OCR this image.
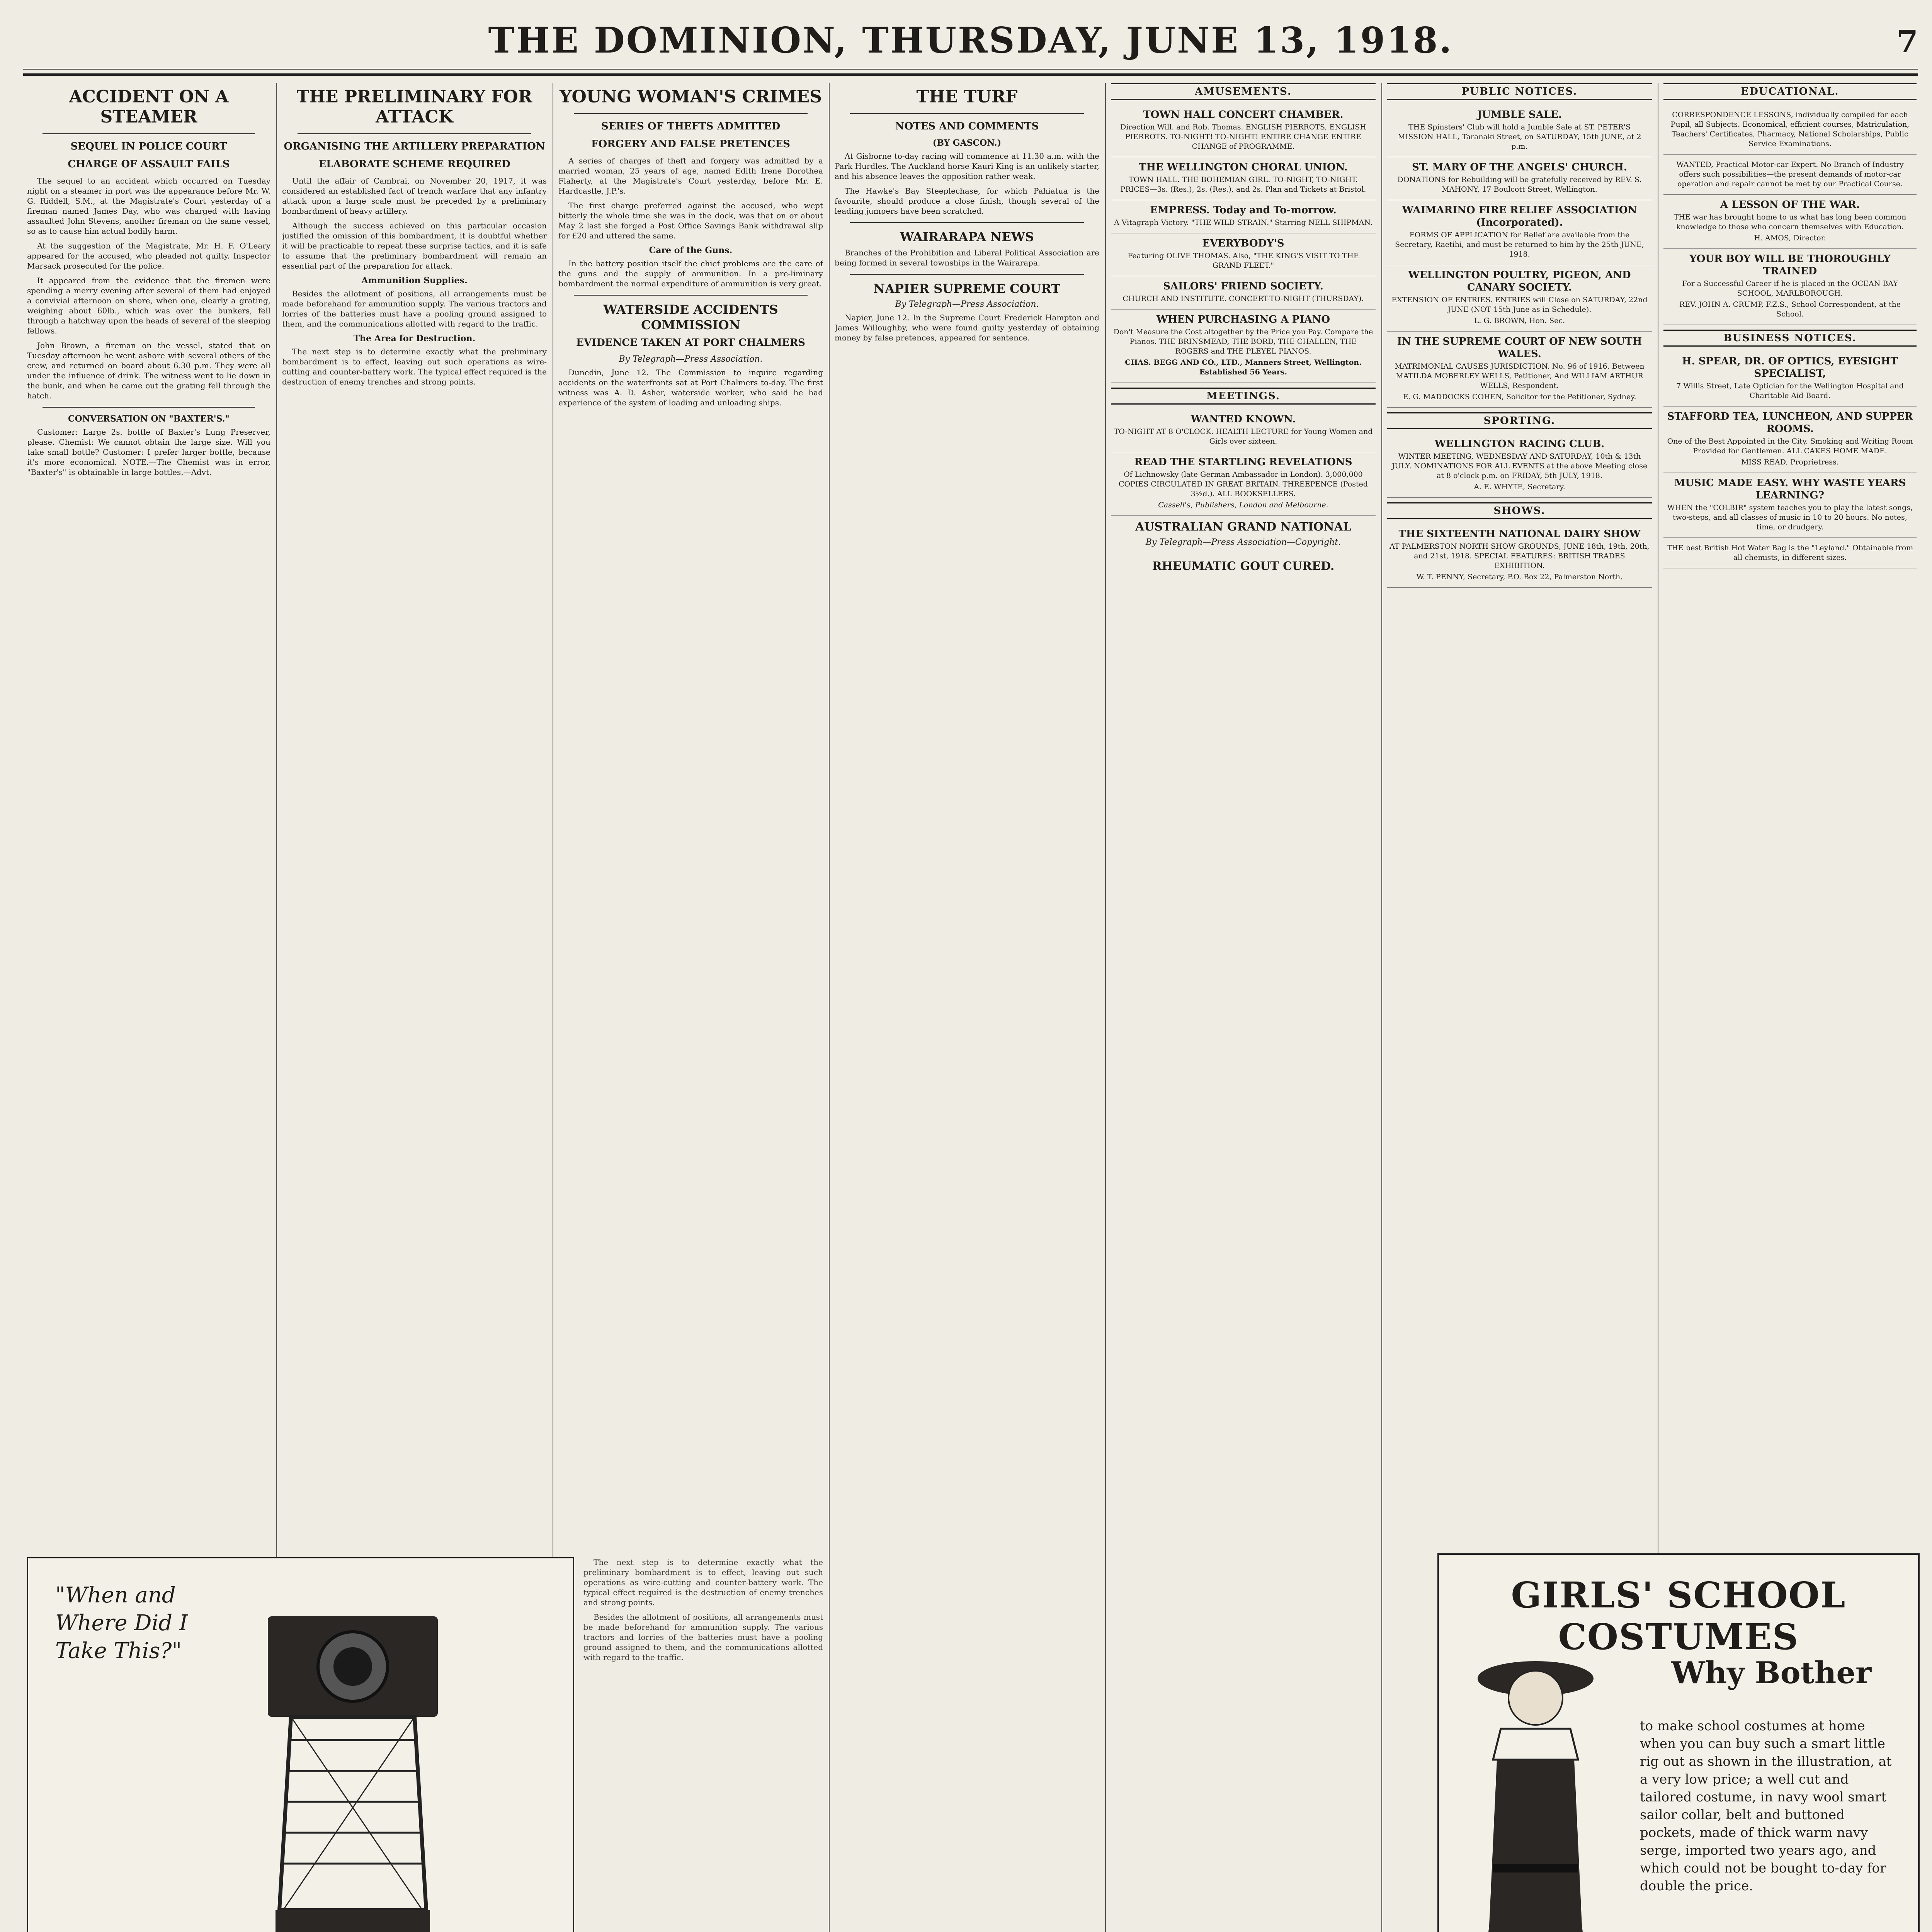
THE DOMINION, THURSDAY, JUNE 13, 1918.	7
ACCIDENT ON A STEAMER
SEQUEL IN POLICE COURT
CHARGE OF ASSAULT FAILS

The sequel to an accident which occurred on Tuesday night on a steamer in port was the appearance before Mr. W. G. Riddell, S.M., at the Magistrate's Court yesterday of a fireman named James Day, who was charged with having assaulted John Stevens, another fireman on the same vessel, so as to cause him actual bodily harm.

At the suggestion of the Magistrate, Mr. H. F. O'Leary appeared for the accused, who pleaded not guilty. Inspector Marsack prosecuted for the police.

It appeared from the evidence that the firemen were spending a merry evening after several of them had enjoyed a convivial afternoon on shore, when one, clearly a grating, weighing about 60lb., which was over the bunkers, fell through a hatchway upon the heads of several of the sleeping fellows.

John Brown, a fireman on the vessel, stated that on Tuesday afternoon he went ashore with several others of the crew, and returned on board about 6.30 p.m. They were all under the influence of drink. The witness went to lie down in the bunk, and when he came out the grating fell through the hatch.

CONVERSATION ON "BAXTER'S."

Customer: Large 2s. bottle of Baxter's Lung Preserver, please. Chemist: We cannot obtain the large size. Will you take small bottle? Customer: I prefer larger bottle, because it's more economical. NOTE.—The Chemist was in error, "Baxter's" is obtainable in large bottles.—Advt.

THE PRELIMINARY FOR ATTACK
ORGANISING THE ARTILLERY PREPARATION
ELABORATE SCHEME REQUIRED

Until the affair of Cambrai, on November 20, 1917, it was considered an established fact of trench warfare that any infantry attack upon a large scale must be preceded by a preliminary bombardment of heavy artillery.

Although the success achieved on this particular occasion justified the omission of this bombardment, it is doubtful whether it will be practicable to repeat these surprise tactics, and it is safe to assume that the preliminary bombardment will remain an essential part of the preparation for attack.

Ammunition Supplies.

Besides the allotment of positions, all arrangements must be made beforehand for ammunition supply. The various tractors and lorries of the batteries must have a pooling ground assigned to them, and the communications allotted with regard to the traffic.

The Area for Destruction.

The next step is to determine exactly what the preliminary bombardment is to effect, leaving out such operations as wire-cutting and counter-battery work. The typical effect required is the destruction of enemy trenches and strong points.

YOUNG WOMAN'S CRIMES
SERIES OF THEFTS ADMITTED
FORGERY AND FALSE PRETENCES

A series of charges of theft and forgery was admitted by a married woman, 25 years of age, named Edith Irene Dorothea Flaherty, at the Magistrate's Court yesterday, before Mr. E. Hardcastle, J.P.'s.

The first charge preferred against the accused, who wept bitterly the whole time she was in the dock, was that on or about May 2 last she forged a Post Office Savings Bank withdrawal slip for £20 and uttered the same.

Care of the Guns.

In the battery position itself the chief problems are the care of the guns and the supply of ammunition. In a pre-liminary bombardment the normal expenditure of ammunition is very great.

WATERSIDE ACCIDENTS COMMISSION
EVIDENCE TAKEN AT PORT CHALMERS
By Telegraph—Press Association.

Dunedin, June 12. The Commission to inquire regarding accidents on the waterfronts sat at Port Chalmers to-day. The first witness was A. D. Asher, waterside worker, who said he had experience of the system of loading and unloading ships.

THE TURF
NOTES AND COMMENTS
(BY GASCON.)

At Gisborne to-day racing will commence at 11.30 a.m. with the Park Hurdles. The Auckland horse Kauri King is an unlikely starter, and his absence leaves the opposition rather weak.

The Hawke's Bay Steeplechase, for which Pahiatua is the favourite, should produce a close finish, though several of the leading jumpers have been scratched.

WAIRARAPA NEWS

Branches of the Prohibition and Liberal Political Association are being formed in several townships in the Wairarapa.

NAPIER SUPREME COURT
By Telegraph—Press Association.

Napier, June 12. In the Supreme Court Frederick Hampton and James Willoughby, who were found guilty yesterday of obtaining money by false pretences, appeared for sentence.

AMUSEMENTS.
TOWN HALL CONCERT CHAMBER.
Direction Will. and Rob. Thomas. ENGLISH PIERROTS, ENGLISH PIERROTS. TO-NIGHT! TO-NIGHT! ENTIRE CHANGE ENTIRE CHANGE of PROGRAMME.
THE WELLINGTON CHORAL UNION.
TOWN HALL. THE BOHEMIAN GIRL. TO-NIGHT, TO-NIGHT. PRICES—3s. (Res.), 2s. (Res.), and 2s. Plan and Tickets at Bristol.
EMPRESS. Today and To-morrow.
A Vitagraph Victory. "THE WILD STRAIN." Starring NELL SHIPMAN.
EVERYBODY'S
Featuring OLIVE THOMAS. Also, "THE KING'S VISIT TO THE GRAND FLEET."
SAILORS' FRIEND SOCIETY.
CHURCH AND INSTITUTE. CONCERT-TO-NIGHT (THURSDAY).
WHEN PURCHASING A PIANO
Don't Measure the Cost altogether by the Price you Pay. Compare the Pianos. THE BRINSMEAD, THE BORD, THE CHALLEN, THE ROGERS and THE PLEYEL PIANOS.
CHAS. BEGG AND CO., LTD., Manners Street, Wellington. Established 56 Years.
MEETINGS.
WANTED KNOWN.
TO-NIGHT AT 8 O'CLOCK. HEALTH LECTURE for Young Women and Girls over sixteen.
READ THE STARTLING REVELATIONS
Of Lichnowsky (late German Ambassador in London). 3,000,000 COPIES CIRCULATED IN GREAT BRITAIN. THREEPENCE (Posted 3½d.). ALL BOOKSELLERS.
Cassell's, Publishers, London and Melbourne.
AUSTRALIAN GRAND NATIONAL
By Telegraph—Press Association—Copyright.
RHEUMATIC GOUT CURED.
PUBLIC NOTICES.
JUMBLE SALE.
THE Spinsters' Club will hold a Jumble Sale at ST. PETER'S MISSION HALL, Taranaki Street, on SATURDAY, 15th JUNE, at 2 p.m.
ST. MARY OF THE ANGELS' CHURCH.
DONATIONS for Rebuilding will be gratefully received by REV. S. MAHONY, 17 Boulcott Street, Wellington.
WAIMARINO FIRE RELIEF ASSOCIATION (Incorporated).
FORMS OF APPLICATION for Relief are available from the Secretary, Raetihi, and must be returned to him by the 25th JUNE, 1918.
WELLINGTON POULTRY, PIGEON, AND CANARY SOCIETY.
EXTENSION OF ENTRIES. ENTRIES will Close on SATURDAY, 22nd JUNE (NOT 15th June as in Schedule).
L. G. BROWN, Hon. Sec.
IN THE SUPREME COURT OF NEW SOUTH WALES.
MATRIMONIAL CAUSES JURISDICTION. No. 96 of 1916. Between MATILDA MOBERLEY WELLS, Petitioner, And WILLIAM ARTHUR WELLS, Respondent.
E. G. MADDOCKS COHEN, Solicitor for the Petitioner, Sydney.
SPORTING.
WELLINGTON RACING CLUB.
WINTER MEETING, WEDNESDAY AND SATURDAY, 10th & 13th JULY. NOMINATIONS FOR ALL EVENTS at the above Meeting close at 8 o'clock p.m. on FRIDAY, 5th JULY, 1918.
A. E. WHYTE, Secretary.
SHOWS.
THE SIXTEENTH NATIONAL DAIRY SHOW
AT PALMERSTON NORTH SHOW GROUNDS, JUNE 18th, 19th, 20th, and 21st, 1918. SPECIAL FEATURES: BRITISH TRADES EXHIBITION.
W. T. PENNY, Secretary, P.O. Box 22, Palmerston North.
EDUCATIONAL.
CORRESPONDENCE LESSONS, individually compiled for each Pupil, all Subjects. Economical, efficient courses, Matriculation, Teachers' Certificates, Pharmacy, National Scholarships, Public Service Examinations.
WANTED, Practical Motor-car Expert. No Branch of Industry offers such possibilities—the present demands of motor-car operation and repair cannot be met by our Practical Course.
A LESSON OF THE WAR.
THE war has brought home to us what has long been common knowledge to those who concern themselves with Education.
H. AMOS, Director.
YOUR BOY WILL BE THOROUGHLY TRAINED
For a Successful Career if he is placed in the OCEAN BAY SCHOOL, MARLBOROUGH.
REV. JOHN A. CRUMP, F.Z.S., School Correspondent, at the School.
BUSINESS NOTICES.
H. SPEAR, DR. OF OPTICS, EYESIGHT SPECIALIST,
7 Willis Street, Late Optician for the Wellington Hospital and Charitable Aid Board.
STAFFORD TEA, LUNCHEON, AND SUPPER ROOMS.
One of the Best Appointed in the City. Smoking and Writing Room Provided for Gentlemen. ALL CAKES HOME MADE.
MISS READ, Proprietress.
MUSIC MADE EASY. WHY WASTE YEARS LEARNING?
WHEN the "COLBIR" system teaches you to play the latest songs, two-steps, and all classes of music in 10 to 20 hours. No notes, time, or drudgery.
THE best British Hot Water Bag is the "Leyland." Obtainable from all chemists, in different sizes.
"When and Where Did I Take This?"
GIRLS' SCHOOL COSTUMES
Why Bother
to make school costumes at home when you can buy such a smart little rig out as shown in the illustration, at a very low price; a well cut and tailored costume, in navy wool smart sailor collar, belt and buttoned pockets, made of thick warm navy serge, imported two years ago, and which could not be bought to-day for double the price.

The next step is to determine exactly what the preliminary bombardment is to effect, leaving out such operations as wire-cutting and counter-battery work. The typical effect required is the destruction of enemy trenches and strong points.

Besides the allotment of positions, all arrangements must be made beforehand for ammunition supply. The various tractors and lorries of the batteries must have a pooling ground assigned to them, and the communications allotted with regard to the traffic.
